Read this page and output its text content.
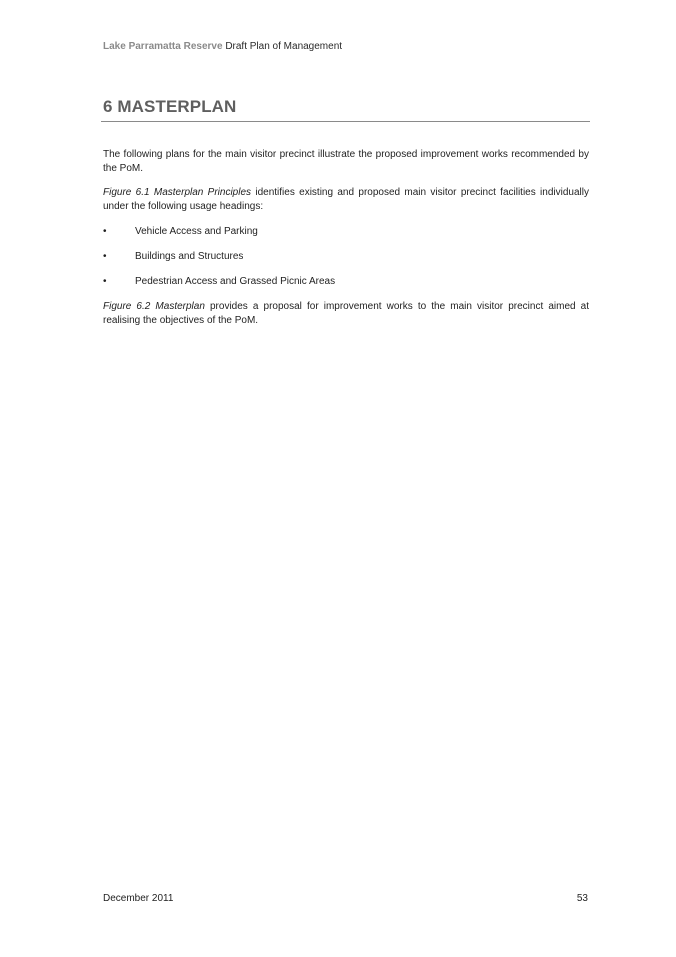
Lake Parramatta Reserve Draft Plan of Management
6 MASTERPLAN

The following plans for the main visitor precinct illustrate the proposed improvement works recommended by the PoM.

Figure 6.1 Masterplan Principles identifies existing and proposed main visitor precinct facilities individually under the following usage headings:

•	Vehicle Access and Parking
•	Buildings and Structures
•	Pedestrian Access and Grassed Picnic Areas

Figure 6.2 Masterplan provides a proposal for improvement works to the main visitor precinct aimed at realising the objectives of the PoM.

December 2011	53
